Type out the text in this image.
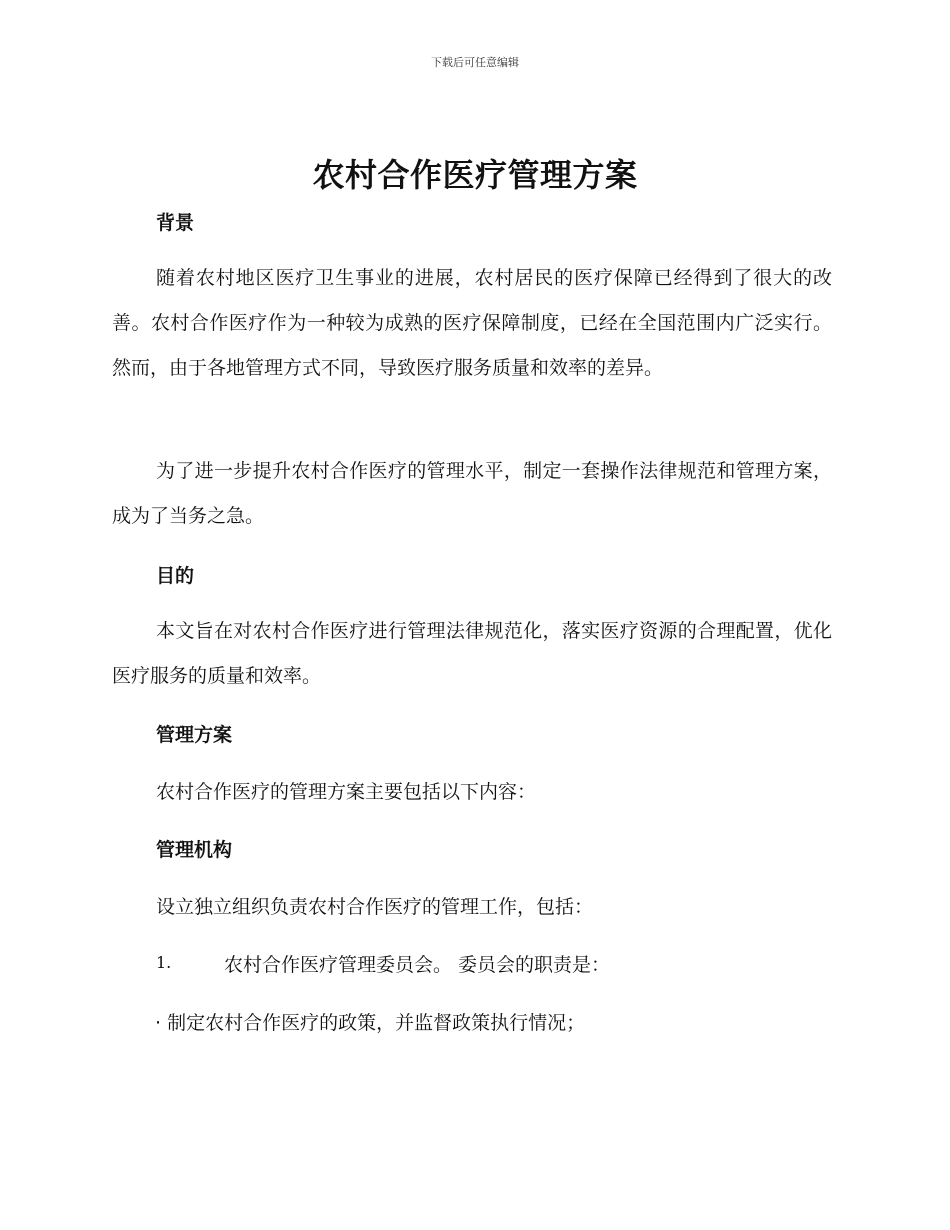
下载后可任意编辑
农村合作医疗管理方案
背景

随着农村地区医疗卫生事业的进展，农村居民的医疗保障已经得到了很大的改善。农村合作医疗作为一种较为成熟的医疗保障制度，已经在全国范围内广泛实行。然而，由于各地管理方式不同，导致医疗服务质量和效率的差异。

为了进一步提升农村合作医疗的管理水平，制定一套操作法律规范和管理方案，成为了当务之急。

目的

本文旨在对农村合作医疗进行管理法律规范化，落实医疗资源的合理配置，优化医疗服务的质量和效率。

管理方案

农村合作医疗的管理方案主要包括以下内容：

管理机构

设立独立组织负责农村合作医疗的管理工作，包括：

1.	农村合作医疗管理委员会。 委员会的职责是：

· 制定农村合作医疗的政策，并监督政策执行情况；
